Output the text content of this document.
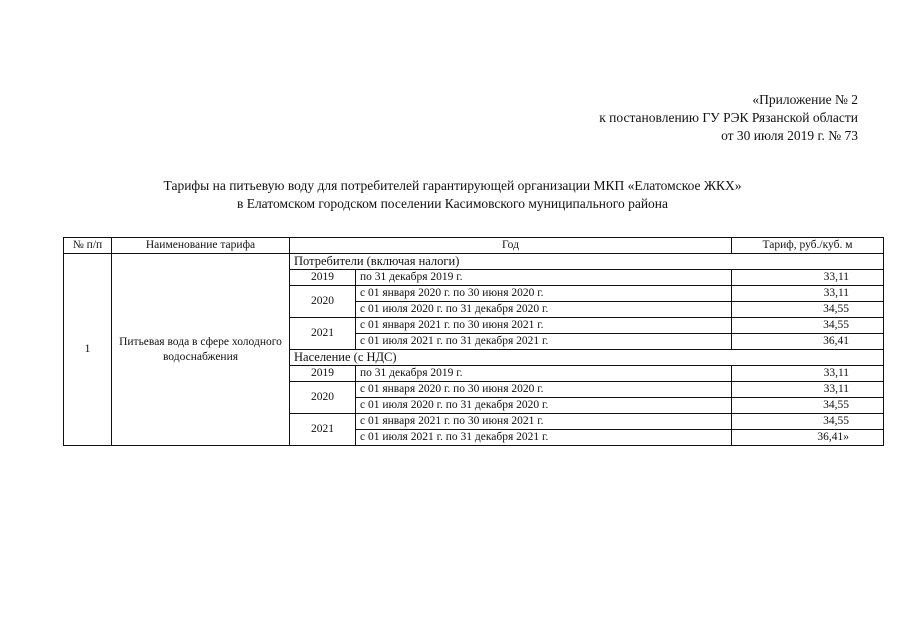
«Приложение № 2
к постановлению ГУ РЭК Рязанской области
от 30 июля 2019 г. № 73
Тарифы на питьевую воду для потребителей гарантирующей организации МКП «Елатомское ЖКХ»
в Елатомском городском поселении Касимовского муниципального района
№ п/п	Наименование тарифа	Год		Тариф, руб./куб. м
1	Питьевая вода в сфере холодного водоснабжения	Потребители (включая налоги)		
		2019	по 31 декабря 2019 г.	33,11
		2020	с 01 января 2020 г. по 30 июня 2020 г.	33,11
			с 01 июля 2020 г. по 31 декабря 2020 г.	34,55
		2021	с 01 января 2021 г. по 30 июня 2021 г.	34,55
			с 01 июля 2021 г. по 31 декабря 2021 г.	36,41
		Население (с НДС)		
		2019	по 31 декабря 2019 г.	33,11
		2020	с 01 января 2020 г. по 30 июня 2020 г.	33,11
			с 01 июля 2020 г. по 31 декабря 2020 г.	34,55
		2021	с 01 января 2021 г. по 30 июня 2021 г.	34,55
			с 01 июля 2021 г. по 31 декабря 2021 г.	36,41»
